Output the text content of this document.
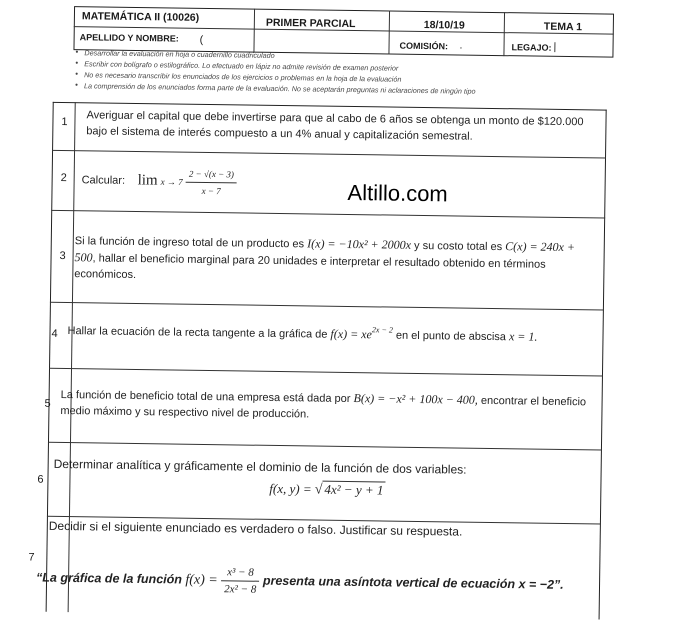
MATEMÁTICA II (10026)	PRIMER PARCIAL	18/10/19	TEMA 1
APELLIDO Y NOMBRE: (
COMISIÓN: .	LEGAJO: |
● Desarrollar la evaluación en hoja o cuadernillo cuadriculado
● Escribir con bolígrafo o estilográfico. Lo efectuado en lápiz no admite revisión de examen posterior
● No es necesario transcribir los enunciados de los ejercicios o problemas en la hoja de la evaluación
● La comprensión de los enunciados forma parte de la evaluación. No se aceptarán preguntas ni aclaraciones de ningún tipo
1 Averiguar el capital que debe invertirse para que al cabo de 6 años se obtenga un monto de $120.000 bajo el sistema de interés compuesto a un 4% anual y capitalización semestral.
2 Calcular: $\lim x \to 7 \frac{2 - √(x - 3)}{x - 7}$	Altillo.com
3
Si la función de ingreso total de un producto es I(x) = −10x² + 2000x y su costo total es C(x) = 240x + 500, hallar el beneficio marginal para 20 unidades e interpretar el resultado obtenido en términos económicos.
4 Hallar la ecuación de la recta tangente a la gráfica de $f(x) = xe^{2x - 2}$ en el punto de abscisa x = 1.
5 La función de beneficio total de una empresa está dada por B(x) = −x² + 100x − 400, encontrar el beneficio medio máximo y su respectivo nivel de producción.
6
Determinar analítica y gráficamente el dominio de la función de dos variables:
f(x, y) = √ 4x² − y + 1
7
Decidir si el siguiente enunciado es verdadero o falso. Justificar su respuesta.
“La gráfica de la función $f(x) = \frac{\text{x³ − 8}}{\text{2x² − 8}}$ presenta una asíntota vertical de ecuación x = −2”.
